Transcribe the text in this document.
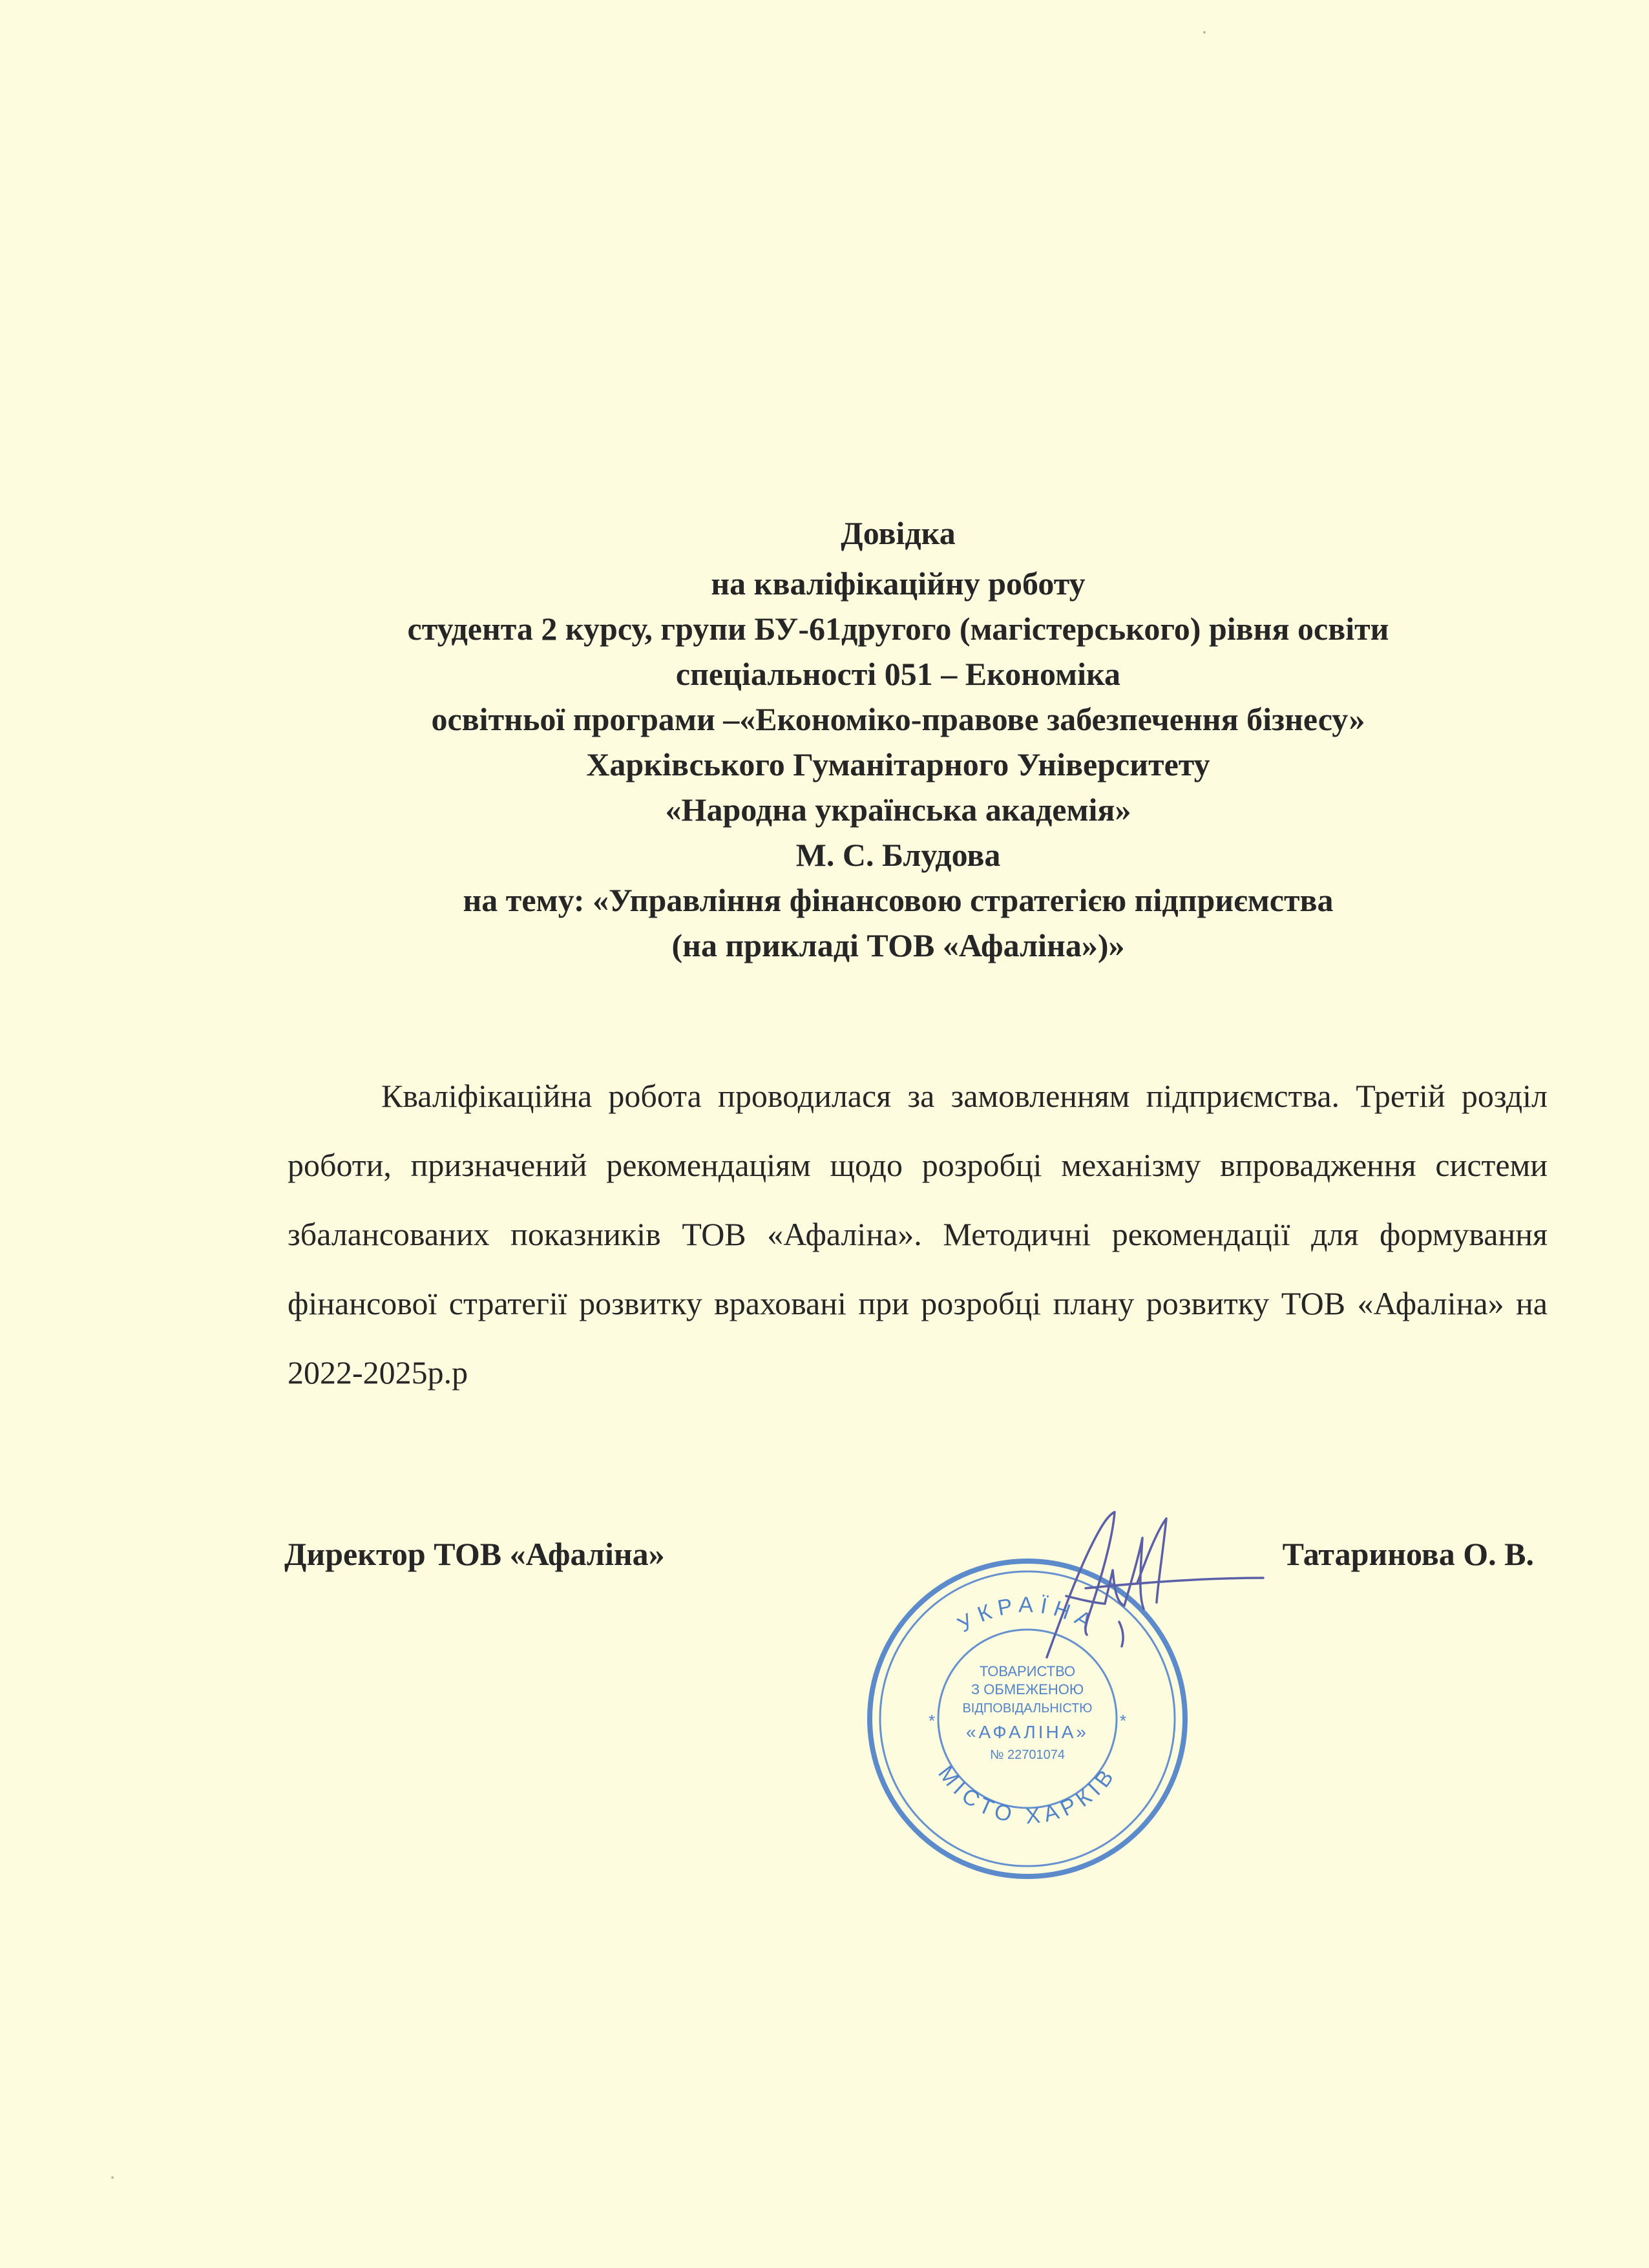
Довідка
на кваліфікаційну роботу
студента 2 курсу, групи БУ-61другого (магістерського) рівня освіти
спеціальності 051 – Економіка
освітньої програми –«Економіко-правове забезпечення бізнесу»
Харківського Гуманітарного Університету
«Народна українська академія»
М. С. Блудова
на тему: «Управління фінансовою стратегією підприємства
(на прикладі ТОВ «Афаліна»)»

Кваліфікаційна робота проводилася за замовленням підприємства. Третій розділ роботи, призначений рекомендаціям щодо розробці механізму впровадження системи збалансованих показників ТОВ «Афаліна». Методичні рекомендації для формування фінансової стратегії розвитку враховані при розробці плану розвитку ТОВ «Афаліна» на 2022-2025р.р

Директор ТОВ «Афаліна»	Татаринова О. В.
УКРАЇНА
МІСТО ХАРКІВ
*	*
ТОВАРИСТВО
З ОБМЕЖЕНОЮ
ВІДПОВІДАЛЬНІСТЮ
«АФАЛІНА»
№ 22701074
